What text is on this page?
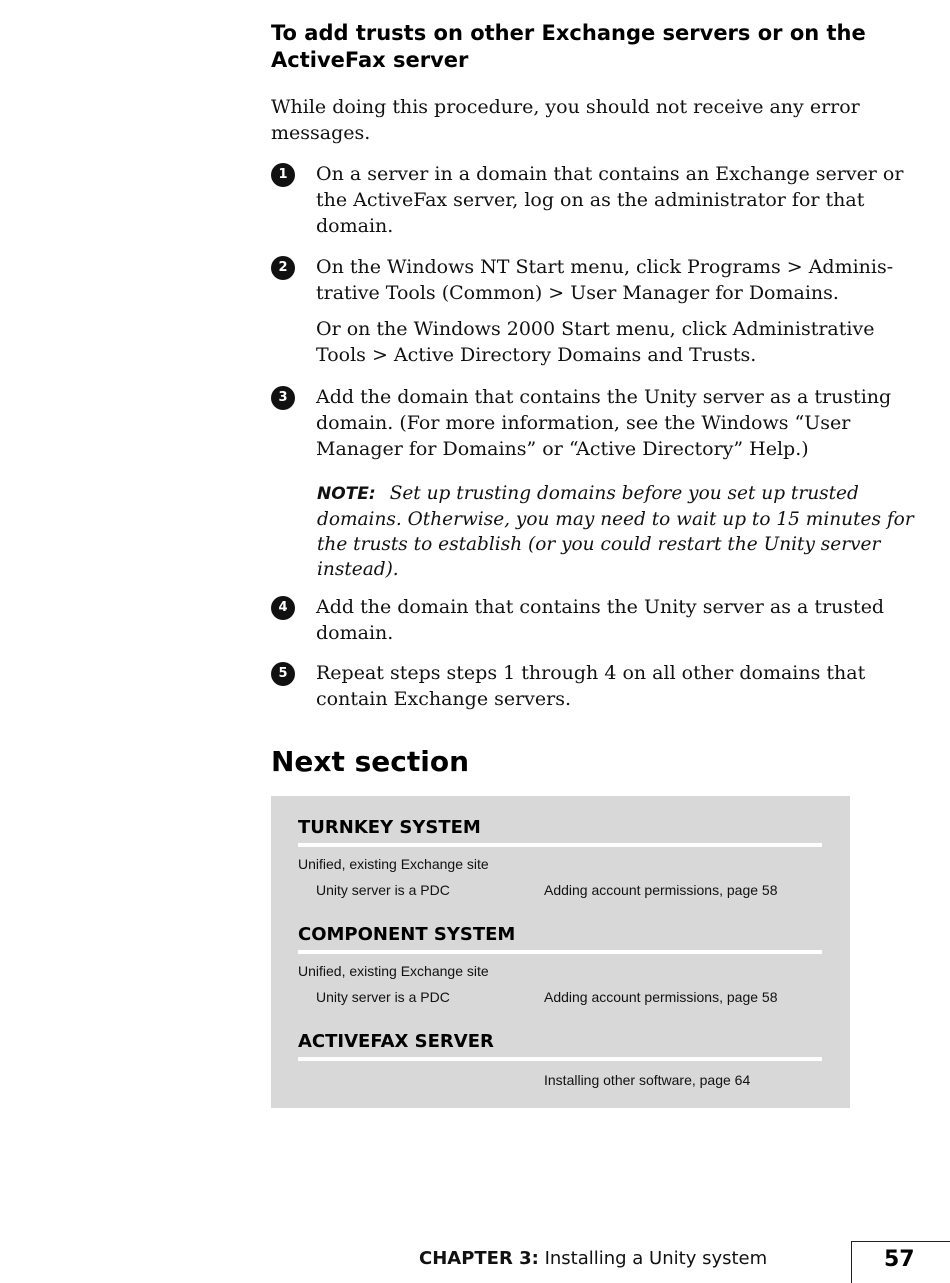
To add trusts on other Exchange servers or on the ActiveFax server

While doing this procedure, you should not receive any error messages.

1	On a server in a domain that contains an Exchange server or the ActiveFax server, log on as the administrator for that domain.

2	On the Windows NT Start menu, click Programs > Adminis-trative Tools (Common) > User Manager for Domains.

Or on the Windows 2000 Start menu, click Administrative Tools > Active Directory Domains and Trusts.

3	Add the domain that contains the Unity server as a trusting domain. (For more information, see the Windows “User Manager for Domains” or “Active Directory” Help.)

NOTE: Set up trusting domains before you set up trusted domains. Otherwise, you may need to wait up to 15 minutes for the trusts to establish (or you could restart the Unity server instead).

4	Add the domain that contains the Unity server as a trusted domain.

5	Repeat steps steps 1 through 4 on all other domains that contain Exchange servers.

Next section
TURNKEY SYSTEM
Unified, existing Exchange site
Unity server is a PDC	Adding account permissions, page 58
COMPONENT SYSTEM
Unified, existing Exchange site
Unity server is a PDC	Adding account permissions, page 58
ACTIVEFAX SERVER
Installing other software, page 64
CHAPTER 3: Installing a Unity system	57
